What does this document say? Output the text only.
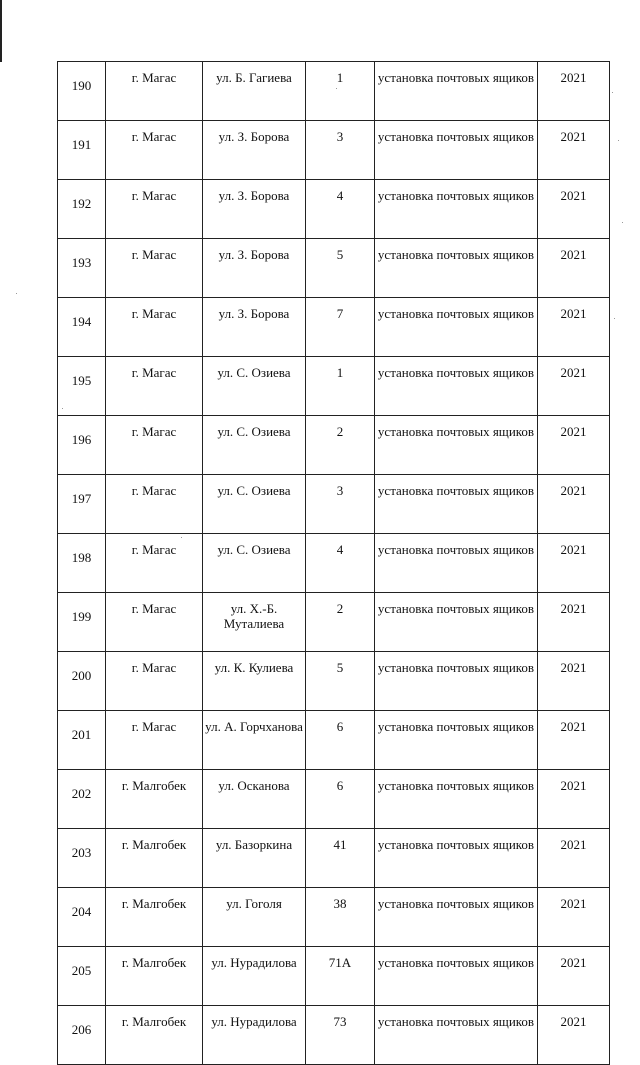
190	г. Магас	ул. Б. Гагиева	1	установка почтовых ящиков	2021
191	г. Магас	ул. З. Борова	3	установка почтовых ящиков	2021
192	г. Магас	ул. З. Борова	4	установка почтовых ящиков	2021
193	г. Магас	ул. З. Борова	5	установка почтовых ящиков	2021
194	г. Магас	ул. З. Борова	7	установка почтовых ящиков	2021
195	г. Магас	ул. С. Озиева	1	установка почтовых ящиков	2021
196	г. Магас	ул. С. Озиева	2	установка почтовых ящиков	2021
197	г. Магас	ул. С. Озиева	3	установка почтовых ящиков	2021
198	г. Магас	ул. С. Озиева	4	установка почтовых ящиков	2021
199	г. Магас	ул. Х.-Б. Муталиева	2	установка почтовых ящиков	2021
200	г. Магас	ул. К. Кулиева	5	установка почтовых ящиков	2021
201	г. Магас	ул. А. Горчханова	6	установка почтовых ящиков	2021
202	г. Малгобек	ул. Осканова	6	установка почтовых ящиков	2021
203	г. Малгобек	ул. Базоркина	41	установка почтовых ящиков	2021
204	г. Малгобек	ул. Гоголя	38	установка почтовых ящиков	2021
205	г. Малгобек	ул. Нурадилова	71А	установка почтовых ящиков	2021
206	г. Малгобек	ул. Нурадилова	73	установка почтовых ящиков	2021
